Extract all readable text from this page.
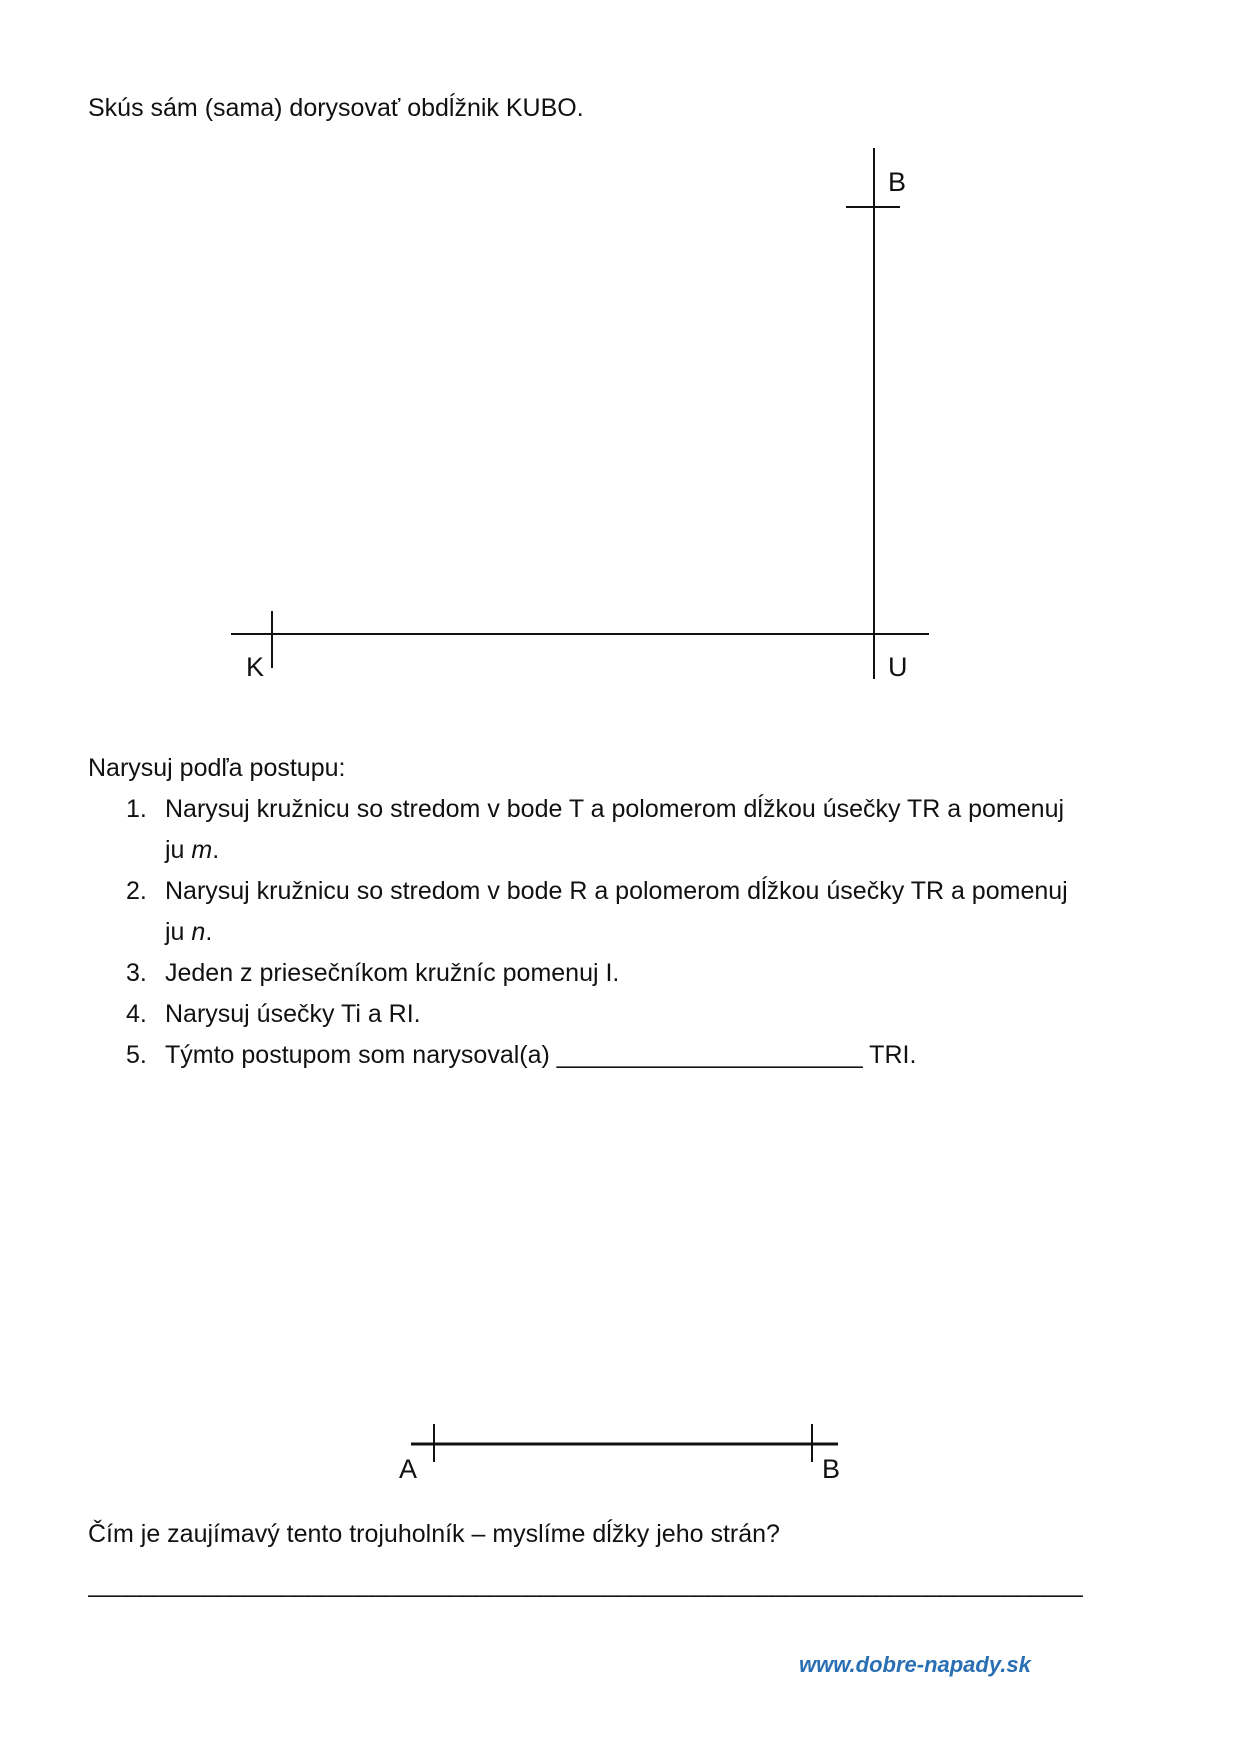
Skús sám (sama) dorysovať obdĺžnik KUBO.
B
K	U
Narysuj podľa postupu:
1. Narysuj kružnicu so stredom v bode T a polomerom dĺžkou úsečky TR a pomenuj
ju m.
2. Narysuj kružnicu so stredom v bode R a polomerom dĺžkou úsečky TR a pomenuj
ju n.
3. Jeden z priesečníkom kružníc pomenuj I.
4. Narysuj úsečky Ti a RI.
5. Týmto postupom som narysoval(a) ______________________ TRI.
A	B
Čím je zaujímavý tento trojuholník – myslíme dĺžky jeho strán?
_____________________________________________________________________________
www.dobre-napady.sk
